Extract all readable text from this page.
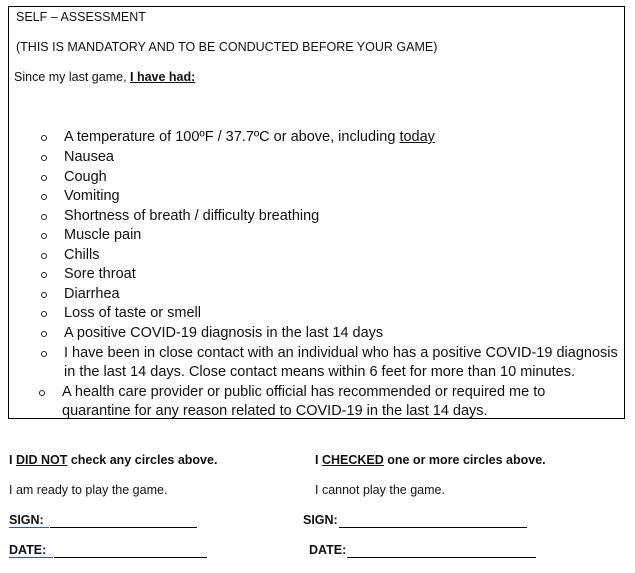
SELF – ASSESSMENT
(THIS IS MANDATORY AND TO BE CONDUCTED BEFORE YOUR GAME)
Since my last game, I have had:
A temperature of 100ºF / 37.7ºC or above, including today
Nausea
Cough
Vomiting
Shortness of breath / difficulty breathing
Muscle pain
Chills
Sore throat
Diarrhea
Loss of taste or smell
A positive COVID-19 diagnosis in the last 14 days
I have been in close contact with an individual who has a positive COVID-19 diagnosis
in the last 14 days. Close contact means within 6 feet for more than 10 minutes.
A health care provider or public official has recommended or required me to
quarantine for any reason related to COVID-19 in the last 14 days.
I DID NOT check any circles above.
I am ready to play the game.
SIGN:
DATE:
I CHECKED one or more circles above.
I cannot play the game.
SIGN:
DATE:
